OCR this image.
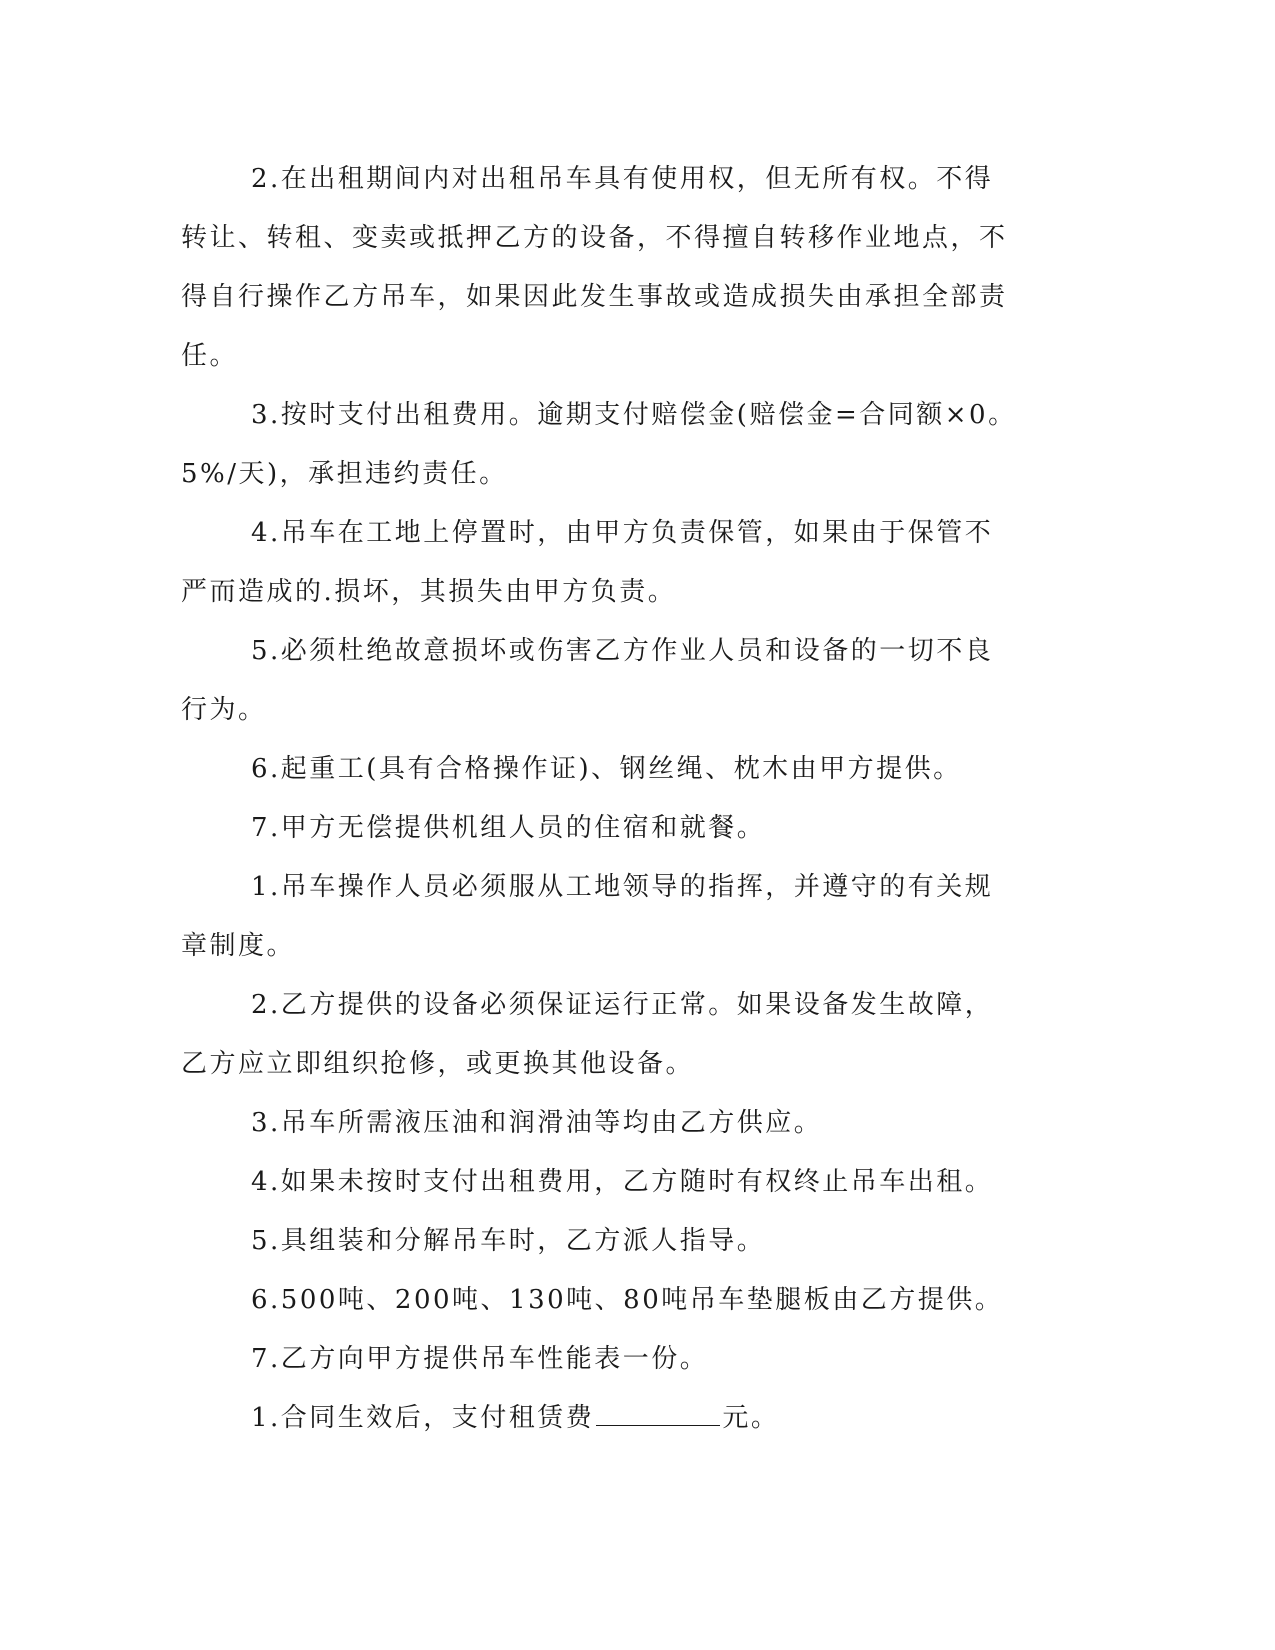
2.在出租期间内对出租吊车具有使用权，但无所有权。不得转让、转租、变卖或抵押乙方的设备，不得擅自转移作业地点，不得自行操作乙方吊车，如果因此发生事故或造成损失由承担全部责任。

3.按时支付出租费用。逾期支付赔偿金(赔偿金=合同额×0。5%/天)，承担违约责任。

4.吊车在工地上停置时，由甲方负责保管，如果由于保管不严而造成的.损坏，其损失由甲方负责。

5.必须杜绝故意损坏或伤害乙方作业人员和设备的一切不良行为。

6.起重工(具有合格操作证)、钢丝绳、枕木由甲方提供。

7.甲方无偿提供机组人员的住宿和就餐。

1.吊车操作人员必须服从工地领导的指挥，并遵守的有关规章制度。

2.乙方提供的设备必须保证运行正常。如果设备发生故障，乙方应立即组织抢修，或更换其他设备。

3.吊车所需液压油和润滑油等均由乙方供应。

4.如果未按时支付出租费用，乙方随时有权终止吊车出租。

5.具组装和分解吊车时，乙方派人指导。

6.500吨、200吨、130吨、80吨吊车垫腿板由乙方提供。

7.乙方向甲方提供吊车性能表一份。

1.合同生效后，支付租赁费	元。
